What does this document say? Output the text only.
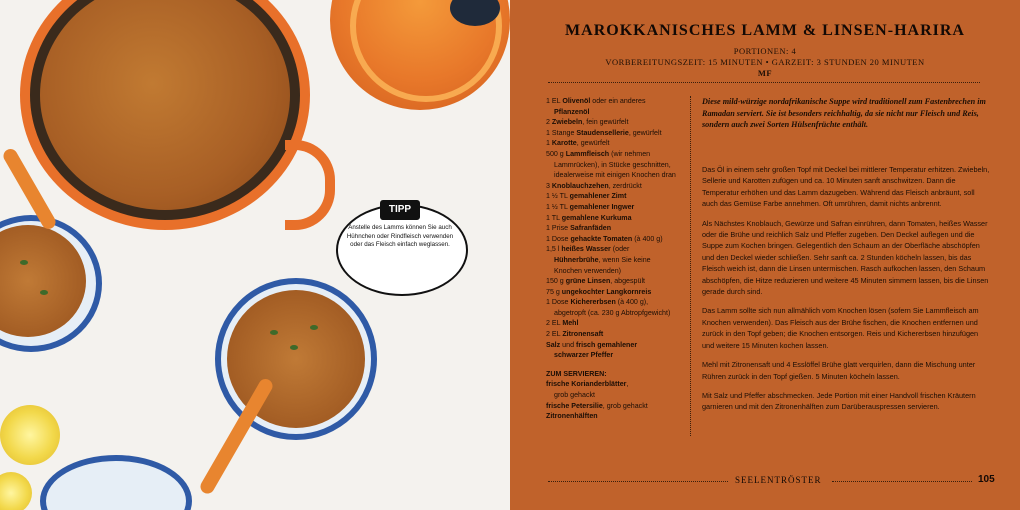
TIPP
Anstelle des Lamms können Sie auch Hühnchen oder Rindfleisch verwenden oder das Fleisch einfach weglassen.
MAROKKANISCHES LAMM & LINSEN-HARIRA
PORTIONEN: 4
VORBEREITUNGSZEIT: 15 MINUTEN • GARZEIT: 3 STUNDEN 20 MINUTEN
MF
1 EL Olivenöl oder ein anderes
Pflanzenöl
2 Zwiebeln, fein gewürfelt
1 Stange Staudensellerie, gewürfelt
1 Karotte, gewürfelt
500 g Lammfleisch (wir nehmen
Lammrücken), in Stücke geschnitten,
idealerweise mit einigen Knochen dran
3 Knoblauchzehen, zerdrückt
1 ½ TL gemahlener Zimt
1 ½ TL gemahlener Ingwer
1 TL gemahlene Kurkuma
1 Prise Safranfäden
1 Dose gehackte Tomaten (à 400 g)
1,5 l heißes Wasser (oder
Hühnerbrühe, wenn Sie keine
Knochen verwenden)
150 g grüne Linsen, abgespült
75 g ungekochter Langkornreis
1 Dose Kichererbsen (à 400 g),
abgetropft (ca. 230 g Abtropfgewicht)
2 EL Mehl
2 EL Zitronensaft
Salz und frisch gemahlener
schwarzer Pfeffer
ZUM SERVIEREN:
frische Korianderblätter,
grob gehackt
frische Petersilie, grob gehackt
Zitronenhälften
Diese mild-würzige nordafrikanische Suppe wird traditionell zum Fastenbrechen im Ramadan serviert. Sie ist besonders reichhaltig, da sie nicht nur Fleisch und Reis, sondern auch zwei Sorten Hülsenfrüchte enthält.

Das Öl in einem sehr großen Topf mit Deckel bei mittlerer Temperatur erhitzen. Zwiebeln, Sellerie und Karotten zufügen und ca. 10 Minuten sanft anschwitzen. Dann die Temperatur erhöhen und das Lamm dazugeben. Während das Fleisch anbräunt, soll auch das Gemüse Farbe annehmen. Oft umrühren, damit nichts anbrennt.

Als Nächstes Knoblauch, Gewürze und Safran einrühren, dann Tomaten, heißes Wasser oder die Brühe und reichlich Salz und Pfeffer zugeben. Den Deckel auflegen und die Suppe zum Kochen bringen. Gelegentlich den Schaum an der Oberfläche abschöpfen und den Deckel wieder schließen. Sehr sanft ca. 2 Stunden köcheln lassen, bis das Fleisch weich ist, dann die Linsen untermischen. Rasch aufkochen lassen, den Schaum abschöpfen, die Hitze reduzieren und weitere 45 Minuten simmern lassen, bis die Linsen gerade durch sind.

Das Lamm sollte sich nun allmählich vom Knochen lösen (sofern Sie Lammfleisch am Knochen verwenden). Das Fleisch aus der Brühe fischen, die Knochen entfernen und zurück in den Topf geben; die Knochen entsorgen. Reis und Kichererbsen hinzufügen und weitere 15 Minuten kochen lassen.

Mehl mit Zitronensaft und 4 Esslöffel Brühe glatt verquirlen, dann die Mischung unter Rühren zurück in den Topf gießen. 5 Minuten köcheln lassen.

Mit Salz und Pfeffer abschmecken. Jede Portion mit einer Handvoll frischen Kräutern garnieren und mit den Zitronenhälften zum Darüberauspressen servieren.

SEELENTRÖSTER	105
